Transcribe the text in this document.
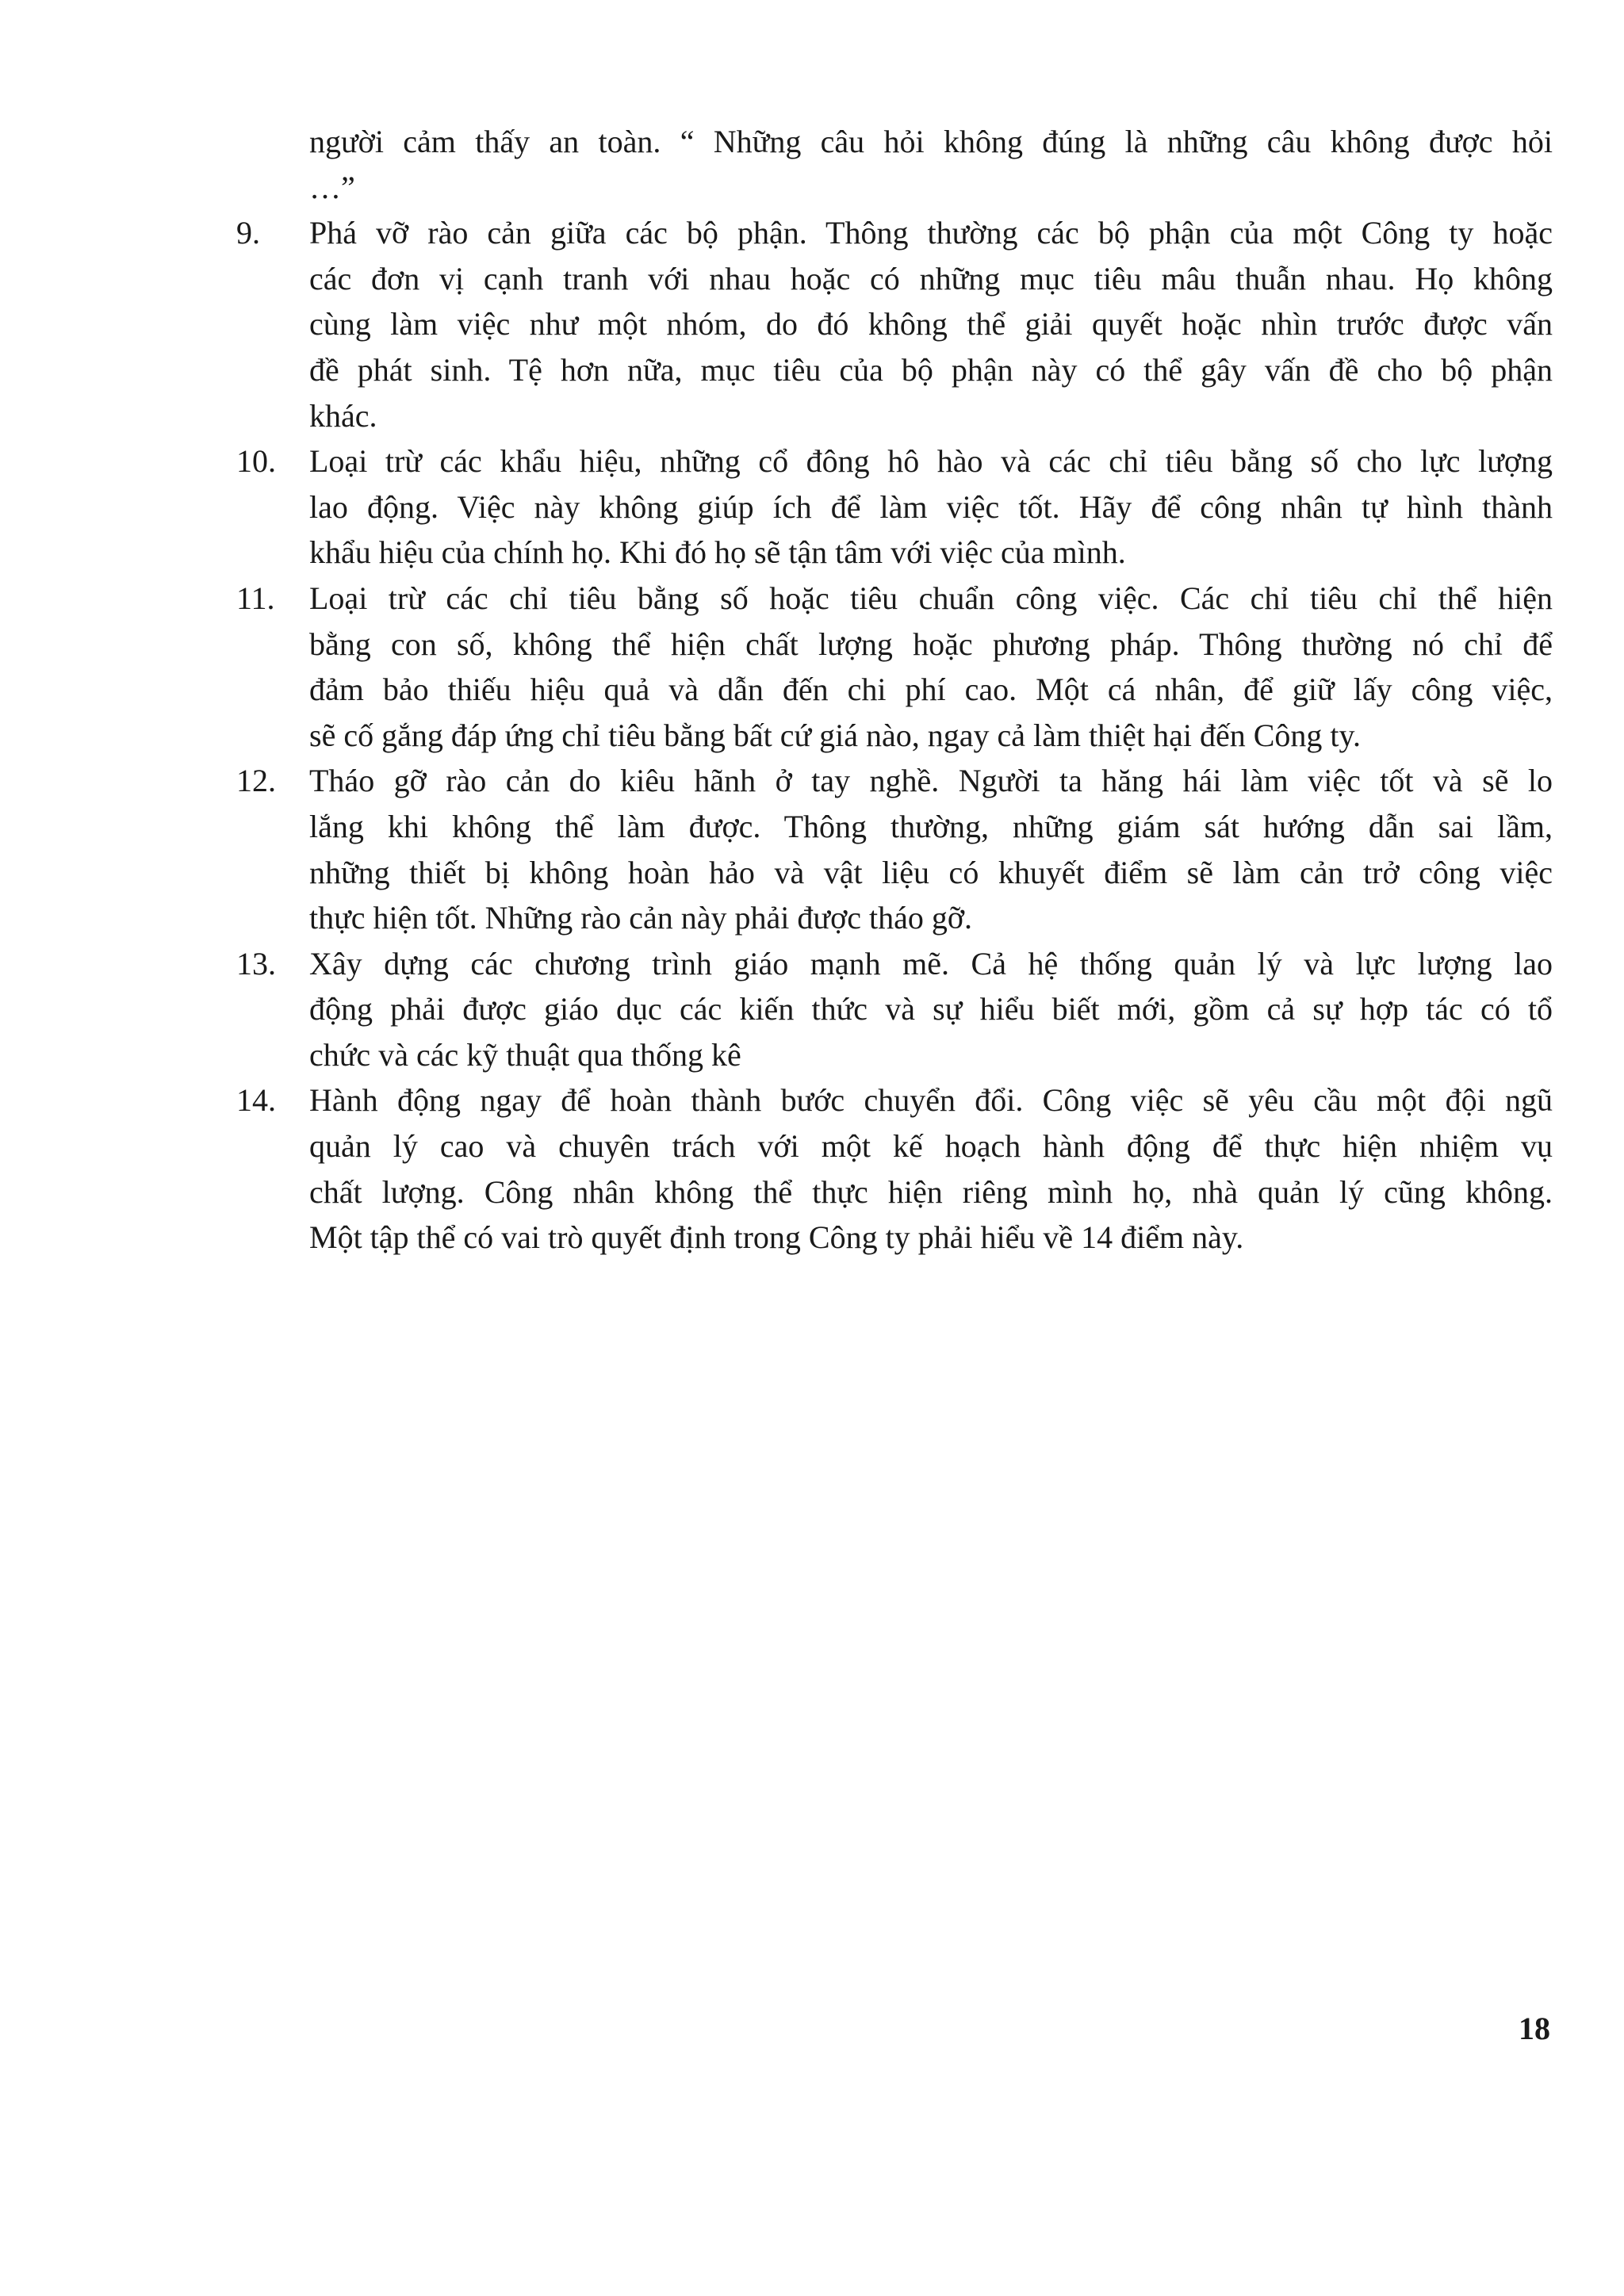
người cảm thấy an toàn. “ Những câu hỏi không đúng là những câu không được hỏi
…”
9.	Phá vỡ rào cản giữa các bộ phận. Thông thường các bộ phận của một Công ty hoặc
các đơn vị cạnh tranh với nhau hoặc có những mục tiêu mâu thuẫn nhau. Họ không
cùng làm việc như một nhóm, do đó không thể giải quyết hoặc nhìn trước được vấn
đề phát sinh. Tệ hơn nữa, mục tiêu của bộ phận này có thể gây vấn đề cho bộ phận
khác.
10.	Loại trừ các khẩu hiệu, những cổ đông hô hào và các chỉ tiêu bằng số cho lực lượng
lao động. Việc này không giúp ích để làm việc tốt. Hãy để công nhân tự hình thành
khẩu hiệu của chính họ. Khi đó họ sẽ tận tâm với việc của mình.
11.	Loại trừ các chỉ tiêu bằng số hoặc tiêu chuẩn công việc. Các chỉ tiêu chỉ thể hiện
bằng con số, không thể hiện chất lượng hoặc phương pháp. Thông thường nó chỉ để
đảm bảo thiếu hiệu quả và dẫn đến chi phí cao. Một cá nhân, để giữ lấy công việc,
sẽ cố gắng đáp ứng chỉ tiêu bằng bất cứ giá nào, ngay cả làm thiệt hại đến Công ty.
12.	Tháo gỡ rào cản do kiêu hãnh ở tay nghề. Người ta hăng hái làm việc tốt và sẽ lo
lắng khi không thể làm được. Thông thường, những giám sát hướng dẫn sai lầm,
những thiết bị không hoàn hảo và vật liệu có khuyết điểm sẽ làm cản trở công việc
thực hiện tốt. Những rào cản này phải được tháo gỡ.
13.	Xây dựng các chương trình giáo mạnh mẽ. Cả hệ thống quản lý và lực lượng lao
động phải được giáo dục các kiến thức và sự hiểu biết mới, gồm cả sự hợp tác có tổ
chức và các kỹ thuật qua thống kê
14.	Hành động ngay để hoàn thành bước chuyển đổi. Công việc sẽ yêu cầu một đội ngũ
quản lý cao và chuyên trách với một kế hoạch hành động để thực hiện nhiệm vụ
chất lượng. Công nhân không thể thực hiện riêng mình họ, nhà quản lý cũng không.
Một tập thể có vai trò quyết định trong Công ty phải hiểu về 14 điểm này.
18
